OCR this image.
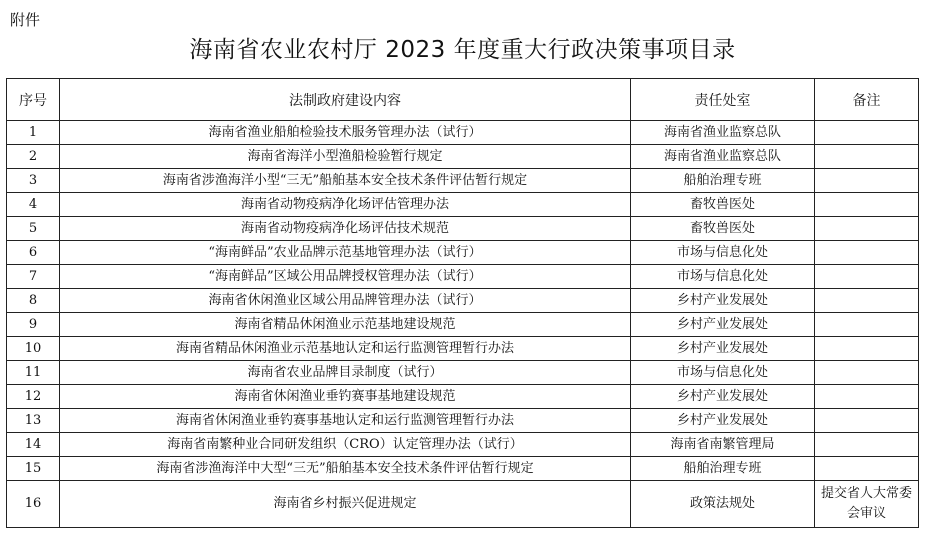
附件
海南省农业农村厅 2023 年度重大行政决策事项目录
序号	法制政府建设内容	责任处室	备注
1	海南省渔业船舶检验技术服务管理办法（试行）	海南省渔业监察总队	
2	海南省海洋小型渔船检验暂行规定	海南省渔业监察总队	
3	海南省涉渔海洋小型“三无”船舶基本安全技术条件评估暂行规定	船舶治理专班	
4	海南省动物疫病净化场评估管理办法	畜牧兽医处	
5	海南省动物疫病净化场评估技术规范	畜牧兽医处	
6	“海南鲜品”农业品牌示范基地管理办法（试行）	市场与信息化处	
7	“海南鲜品”区域公用品牌授权管理办法（试行）	市场与信息化处	
8	海南省休闲渔业区域公用品牌管理办法（试行）	乡村产业发展处	
9	海南省精品休闲渔业示范基地建设规范	乡村产业发展处	
10	海南省精品休闲渔业示范基地认定和运行监测管理暂行办法	乡村产业发展处	
11	海南省农业品牌目录制度（试行）	市场与信息化处	
12	海南省休闲渔业垂钓赛事基地建设规范	乡村产业发展处	
13	海南省休闲渔业垂钓赛事基地认定和运行监测管理暂行办法	乡村产业发展处	
14	海南省南繁种业合同研发组织（CRO）认定管理办法（试行）	海南省南繁管理局	
15	海南省涉渔海洋中大型“三无”船舶基本安全技术条件评估暂行规定	船舶治理专班	
16	海南省乡村振兴促进规定	政策法规处	提交省人大常委会审议
